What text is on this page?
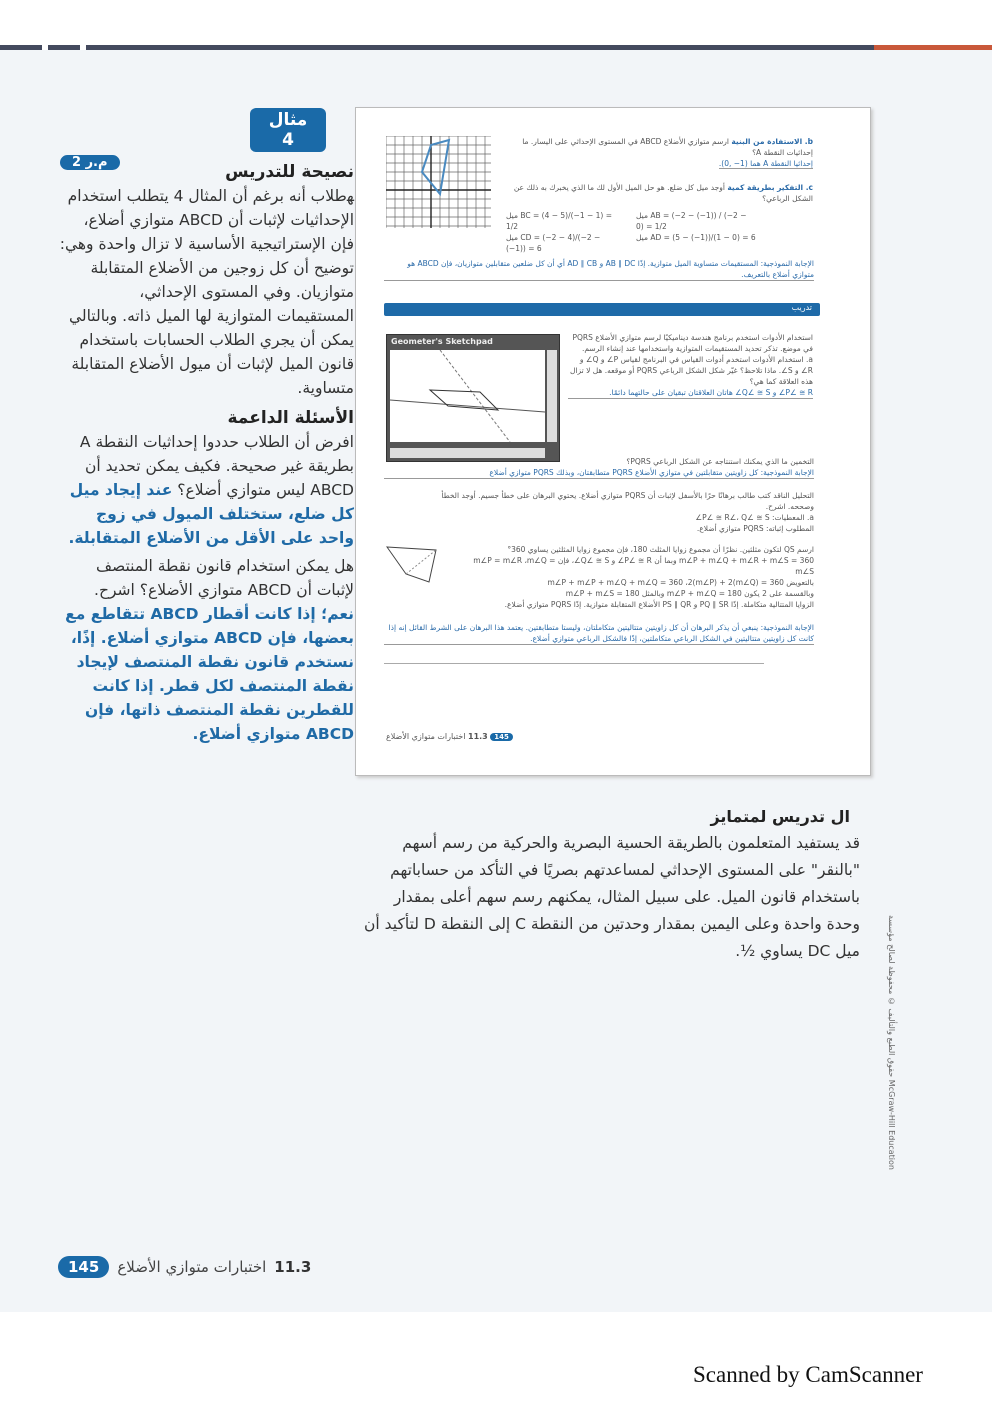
مثال 4
م.ر 2	نصيحة للتدريس
ﻬطلاب أنه برغم أن المثال 4 يتطلب استخدام الإحداثيات لإثبات أن ABCD متوازي أضلاع، فإن الإستراتيجية الأساسية لا تزال واحدة وهي: توضيح أن كل زوجين من الأضلاع المتقابلة متوازيان. وفي المستوى الإحداثي، المستقيمات المتوازية لها الميل ذاته. وبالتالي يمكن أن يجري الطلاب الحسابات باستخدام قانون الميل لإثبات أن ميول الأضلاع المتقابلة متساوية.
الأسئلة الداعمة
افرض أن الطلاب حددوا إحداثيات النقطة A بطريقة غير صحيحة. فكيف يمكن تحديد أن ABCD ليس متوازي أضلاع؟ عند إيجاد ميل كل ضلع، ستختلف الميول في زوج واحد على الأقل من الأضلاع المتقابلة.
هل يمكن استخدام قانون نقطة المنتصف لإثبات أن ABCD متوازي الأضلاع؟ اشرح. نعم؛ إذا كانت أقطار ABCD تتقاطع مع بعضها، فإن ABCD متوازي أضلاع. إذًا، نستخدم قانون نقطة المنتصف لإيجاد نقطة المنتصف لكل قطر. إذا كانت للقطرين نقطة المنتصف ذاتها، فإن ABCD متوازي أضلاع.
b. الاستفادة من البنية ارسم متوازي الأضلاع ABCD في المستوى الإحداثي على اليسار. ما إحداثيات النقطة A؟
إحداثيا النقطة A هما (1− ,0).
c. التفكير بطريقة كمية أوجد ميل كل ضلع. هو حل الميل الأول لك ما الذي يخبرك به ذلك عن الشكل الرباعي؟
ميل BC = (4 − 5)/(−1 − 1) = 1/2
ميل CD = (−2 − 4)/(−2 − (−1)) = 6
ميل AB = (−2 − (−1)) / (−2 − 0) = 1/2
ميل AD = (5 − (−1))/(1 − 0) = 6
الإجابة النموذجية: المستقيمات متساوية الميل متوازية. إذًا AB ∥ DC و AD ∥ CB أي أن كل ضلعين متقابلين متوازيان، فإن ABCD هو متوازي أضلاع بالتعريف.
تدريب
Geometer's Sketchpad	استخدام الأدوات استخدم برنامج هندسة ديناميكيًا لرسم متوازي الأضلاع PQRS في موضع. تذكر تحديد المستقيمات المتوازية واستخدامها عند إنشاء الرسم.
a. استخدام الأدوات استخدم أدوات القياس في البرنامج لقياس P∠ و Q∠ و R∠ و S∠. ماذا تلاحظ؟ غيّر شكل الشكل الرباعي PQRS أو موقعه. هل لا تزال هذه العلاقة كما هي؟
P∠ ≅ R∠ و Q∠ ≅ S∠ هاتان العلاقتان تبقيان على حالتهما دائمًا.
التخمين ما الذي يمكنك استنتاجه عن الشكل الرباعي PQRS؟
الإجابة النموذجية: كل زاويتين متقابلتين في متوازي الأضلاع PQRS متطابقتان، وبذلك PQRS متوازي أضلاع
التحليل الناقد كتب طالب برهانًا حرًا بالأسفل لإثبات أن PQRS متوازي أضلاع. يحتوي البرهان على خطأ جسيم. أوجد الخطأ وصححه. اشرح.
a. المعطيات: P∠ ≅ R∠، Q∠ ≅ S∠
المطلوب إثباته: PQRS متوازي أضلاع.
ارسم QS لتكون مثلثين. نظرًا أن مجموع زوايا المثلث 180، فإن مجموع زوايا المثلثين يساوي 360°
m∠P + m∠Q + m∠R + m∠S = 360 وبما أن P∠ ≅ R∠ و Q∠ ≅ S∠، فإن m∠P = m∠R ،m∠Q = m∠S
بالتعويض m∠P + m∠P + m∠Q + m∠Q = 360 ،2(m∠P) + 2(m∠Q) = 360
وبالقسمة على 2 يكون m∠P + m∠Q = 180 وبالمثل m∠P + m∠S = 180
الزوايا المتتالية متكاملة. إذًا PQ ∥ SR و PS ∥ QR الأضلاع المتقابلة متوازية. إذًا PQRS متوازي أضلاع.
الإجابة النموذجية: ينبغي أن يذكر البرهان أن كل زاويتين متتاليتين متكاملتان، وليستا متطابقتين. يعتمد هذا البرهان على الشرط القائل إنه إذا كانت كل زاويتين متتاليتين في الشكل الرباعي متكاملتين، إذًا فالشكل الرباعي متوازي أضلاع.
145 11.3 اختبارات متوازي الأضلاع
ال تدريس لمتمايز
قد يستفيد المتعلمون بالطريقة الحسية البصرية والحركية من رسم أسهم "بالنقر" على المستوى الإحداثي لمساعدتهم بصريًا في التأكد من حساباتهم باستخدام قانون الميل. على سبيل المثال، يمكنهم رسم سهم أعلى بمقدار وحدة واحدة وعلى اليمين بمقدار وحدتين من النقطة C إلى النقطة D لتأكيد أن ميل DC يساوي ½.	حقوق الطبع والتأليف © محفوظة لصالح مؤسسة McGraw-Hill Education
145	اختبارات متوازي الأضلاع 11.3
Scanned by CamScanner
